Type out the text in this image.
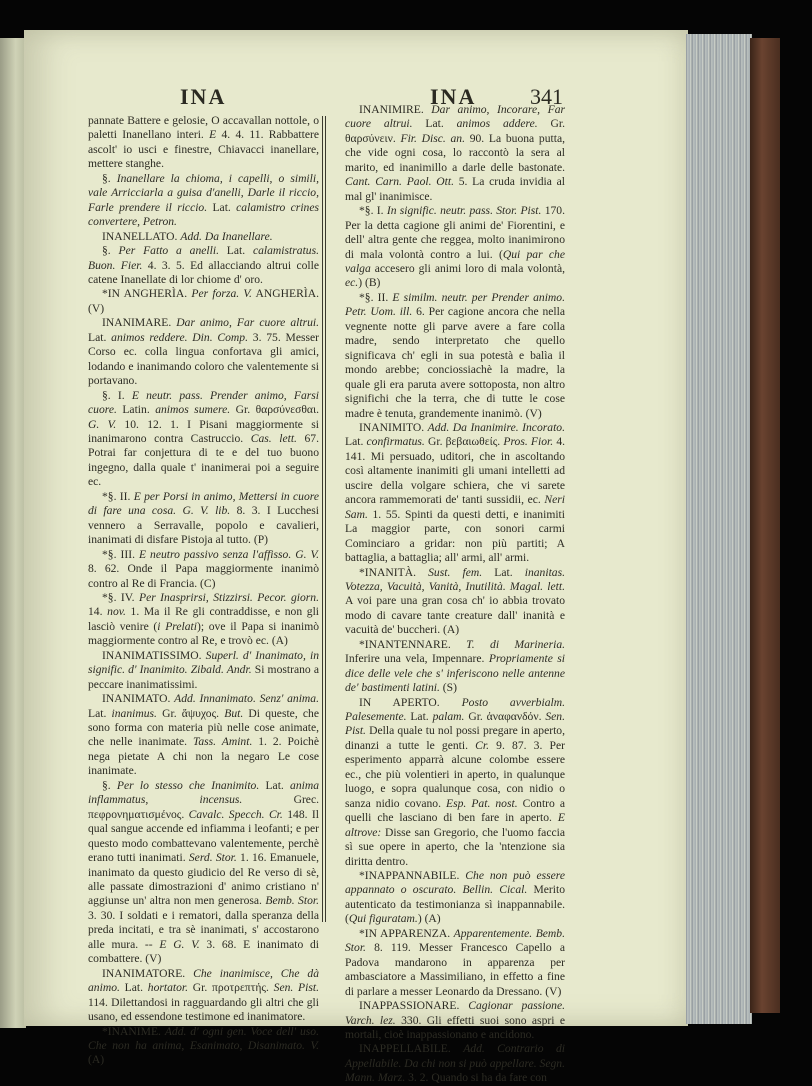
INA	INA 341

pannate Battere e gelosie, O accavallan nottole, o paletti Inanellano interi. E 4. 4. 11. Rabbattere ascolt' io usci e finestre, Chiavacci inanellare, mettere stanghe.

§. Inanellare la chioma, i capelli, o simili, vale Arricciarla a guisa d'anelli, Darle il riccio, Farle prendere il riccio. Lat. calamistro crines convertere, Petron.

INANELLATO. Add. Da Inanellare.

§. Per Fatto a anelli. Lat. calamistratus. Buon. Fier. 4. 3. 5. Ed allacciando altrui colle catene Inanellate di lor chiome d' oro.

*IN ANGHERÌA. Per forza. V. ANGHERÌA. (V)

INANIMARE. Dar animo, Far cuore altrui. Lat. animos reddere. Din. Comp. 3. 75. Messer Corso ec. colla lingua confortava gli amici, lodando e inanimando coloro che valentemente si portavano.

§. I. E neutr. pass. Prender animo, Farsi cuore. Latin. animos sumere. Gr. θαρσύνεσθαι. G. V. 10. 12. 1. I Pisani maggiormente si inanimarono contra Castruccio. Cas. lett. 67. Potrai far conjettura di te e del tuo buono ingegno, dalla quale t' inanimerai poi a seguire ec.

*§. II. E per Porsi in animo, Mettersi in cuore di fare una cosa. G. V. lib. 8. 3. I Lucchesi vennero a Serravalle, popolo e cavalieri, inanimati di disfare Pistoja al tutto. (P)

*§. III. E neutro passivo senza l'affisso. G. V. 8. 62. Onde il Papa maggiormente inanimò contro al Re di Francia. (C)

*§. IV. Per Inasprirsi, Stizzirsi. Pecor. giorn. 14. nov. 1. Ma il Re gli contraddisse, e non gli lasciò venire (i Prelati); ove il Papa si inanimò maggiormente contro al Re, e trovò ec. (A)

INANIMATISSIMO. Superl. d' Inanimato, in signific. d' Inanimito. Zibald. Andr. Si mostrano a peccare inanimatissimi.

INANIMATO. Add. Innanimato. Senz' anima. Lat. inanimus. Gr. ἄψυχος. But. Di queste, che sono forma con materia più nelle cose animate, che nelle inanimate. Tass. Amint. 1. 2. Poichè nega pietate A chi non la negaro Le cose inanimate.

§. Per lo stesso che Inanimito. Lat. anima inflammatus, incensus. Grec. πεφρονηματισμένος. Cavalc. Specch. Cr. 148. Il qual sangue accende ed infiamma i leofanti; e per questo modo combattevano valentemente, perchè erano tutti inanimati. Serd. Stor. 1. 16. Emanuele, inanimato da questo giudicio del Re verso di sè, alle passate dimostrazioni d' animo cristiano n' aggiunse un' altra non men generosa. Bemb. Stor. 3. 30. I soldati e i rematori, dalla speranza della preda incitati, e tra sè inanimati, s' accostarono alle mura. -- E G. V. 3. 68. E inanimato di combattere. (V)

INANIMATORE. Che inanimisce, Che dà animo. Lat. hortator. Gr. προτρεπτής. Sen. Pist. 114. Dilettandosi in ragguardando gli altri che gli usano, ed essendone testimone ed inanimatore.

*INANIME. Add. d' ogni gen. Voce dell' uso. Che non ha anima, Esanimato, Disanimato. V. (A)

INANIMIRE. Dar animo, Incorare, Far cuore altrui. Lat. animos addere. Gr. θαρσύνειν. Fir. Disc. an. 90. La buona putta, che vide ogni cosa, lo raccontò la sera al marito, ed inanimillo a darle delle bastonate. Cant. Carn. Paol. Ott. 5. La cruda invidia al mal gl' inanimisce.

*§. I. In signific. neutr. pass. Stor. Pist. 170. Per la detta cagione gli animi de' Fiorentini, e dell' altra gente che reggea, molto inanimirono di mala volontà contro a lui. (Qui par che valga accesero gli animi loro di mala volontà, ec.) (B)

*§. II. E similm. neutr. per Prender animo. Petr. Uom. ill. 6. Per cagione ancora che nella vegnente notte gli parve avere a fare colla madre, sendo interpretato che quello significava ch' egli in sua potestà e balìa il mondo arebbe; conciossiachè la madre, la quale gli era paruta avere sottoposta, non altro significhi che la terra, che di tutte le cose madre è tenuta, grandemente inanimò. (V)

INANIMITO. Add. Da Inanimire. Incorato. Lat. confirmatus. Gr. βεβαιωθείς. Pros. Fior. 4. 141. Mi persuado, uditori, che in ascoltando così altamente inanimiti gli umani intelletti ad uscire della volgare schiera, che vi sarete ancora rammemorati de' tanti sussidii, ec. Neri Sam. 1. 55. Spinti da questi detti, e inanimiti La maggior parte, con sonori carmi Cominciaro a gridar: non più partiti; A battaglia, a battaglia; all' armi, all' armi.

*INANITÀ. Sust. fem. Lat. inanitas. Votezza, Vacuità, Vanità, Inutilità. Magal. lett. A voi pare una gran cosa ch' io abbia trovato modo di cavare tante creature dall' inanità e vacuità de' buccheri. (A)

*INANTENNARE. T. di Marineria. Inferire una vela, Impennare. Propriamente si dice delle vele che s' inferiscono nelle antenne de' bastimenti latini. (S)

IN APERTO. Posto avverbialm. Palesemente. Lat. palam. Gr. ἀναφανδόν. Sen. Pist. Della quale tu nol possi pregare in aperto, dinanzi a tutte le genti. Cr. 9. 87. 3. Per esperimento apparrà alcune colombe essere ec., che più volentieri in aperto, in qualunque luogo, e sopra qualunque cosa, con nidio o sanza nidio covano. Esp. Pat. nost. Contro a quelli che lasciano di ben fare in aperto. E altrove: Disse san Gregorio, che l'uomo faccia sì sue opere in aperto, che la 'ntenzione sia diritta dentro.

*INAPPANNABILE. Che non può essere appannato o oscurato. Bellin. Cical. Merito autenticato da testimonianza sì inappannabile. (Qui figuratam.) (A)

*IN APPARENZA. Apparentemente. Bemb. Stor. 8. 119. Messer Francesco Capello a Padova mandarono in apparenza per ambasciatore a Massimiliano, in effetto a fine di parlare a messer Leonardo da Dressano. (V)

INAPPASSIONARE. Cagionar passione. Varch. lez. 330. Gli effetti suoi sono aspri e mortali, cioè inappassionano e ancidono.

INAPPELLABILE. Add. Contrario di Appellabile. Da chi non si può appellare. Segn. Mann. Marz. 3. 2. Quando si ha da fare con
